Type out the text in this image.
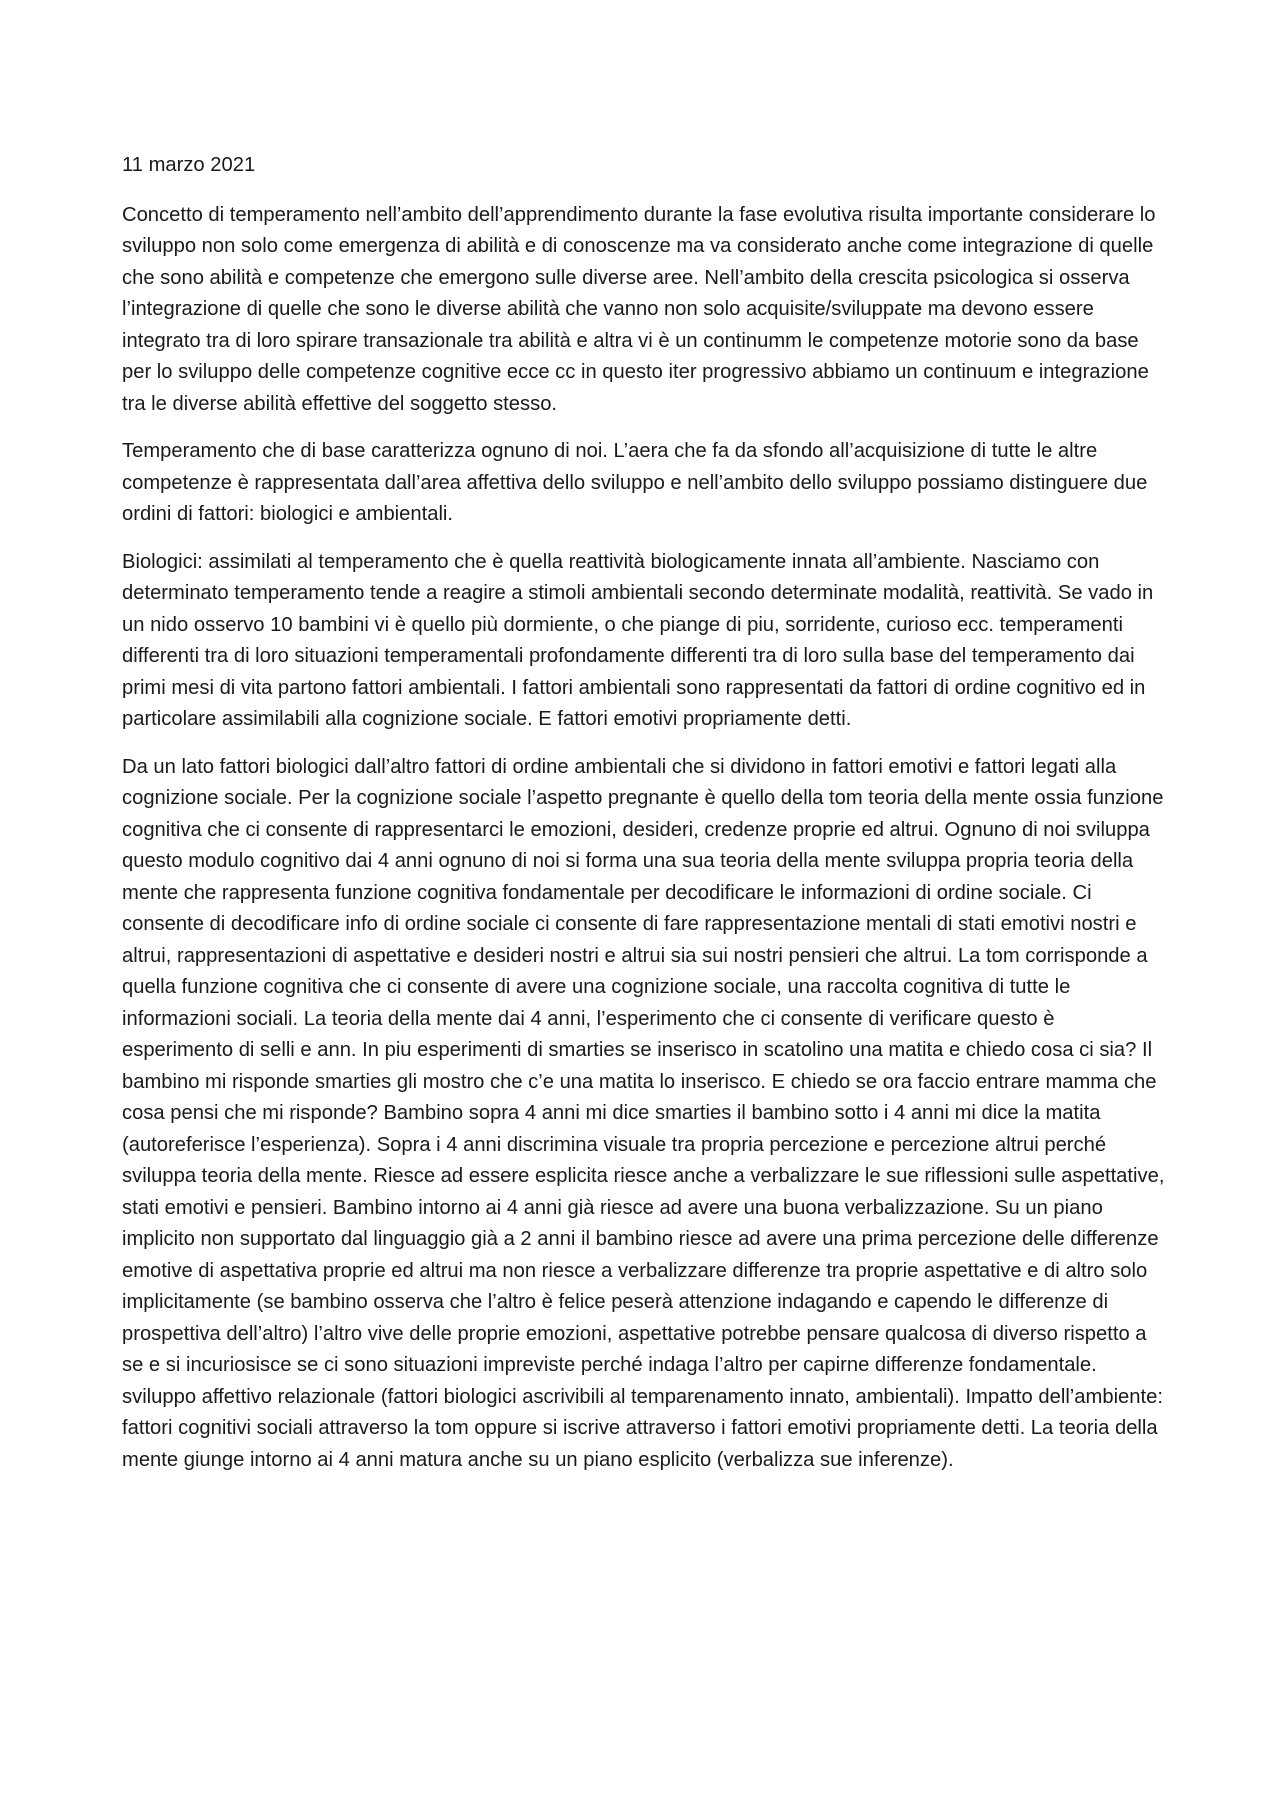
11 marzo 2021

Concetto di temperamento nell’ambito dell’apprendimento durante la fase evolutiva risulta importante considerare lo sviluppo non solo come emergenza di abilità e di conoscenze ma va considerato anche come integrazione di quelle che sono abilità e competenze che emergono sulle diverse aree. Nell’ambito della crescita psicologica si osserva l’integrazione di quelle che sono le diverse abilità che vanno non solo acquisite/sviluppate ma devono essere integrato tra di loro spirare transazionale tra abilità e altra vi è un continumm le competenze motorie sono da base per lo sviluppo delle competenze cognitive ecce cc in questo iter progressivo abbiamo un continuum e integrazione tra le diverse abilità effettive del soggetto stesso.

Temperamento che di base caratterizza ognuno di noi. L’aera che fa da sfondo all’acquisizione di tutte le altre competenze è rappresentata dall’area affettiva dello sviluppo e nell’ambito dello sviluppo possiamo distinguere due ordini di fattori: biologici e ambientali.

Biologici: assimilati al temperamento che è quella reattività biologicamente innata all’ambiente. Nasciamo con determinato temperamento tende a reagire a stimoli ambientali secondo determinate modalità, reattività. Se vado in un nido osservo 10 bambini vi è quello più dormiente, o che piange di piu, sorridente, curioso ecc. temperamenti differenti tra di loro situazioni temperamentali profondamente differenti tra di loro sulla base del temperamento dai primi mesi di vita partono fattori ambientali. I fattori ambientali sono rappresentati da fattori di ordine cognitivo ed in particolare assimilabili alla cognizione sociale. E fattori emotivi propriamente detti.

Da un lato fattori biologici dall’altro fattori di ordine ambientali che si dividono in fattori emotivi e fattori legati alla cognizione sociale. Per la cognizione sociale l’aspetto pregnante è quello della tom teoria della mente ossia funzione cognitiva che ci consente di rappresentarci le emozioni, desideri, credenze proprie ed altrui. Ognuno di noi sviluppa questo modulo cognitivo dai 4 anni ognuno di noi si forma una sua teoria della mente sviluppa propria teoria della mente che rappresenta funzione cognitiva fondamentale per decodificare le informazioni di ordine sociale. Ci consente di decodificare info di ordine sociale ci consente di fare rappresentazione mentali di stati emotivi nostri e altrui, rappresentazioni di aspettative e desideri nostri e altrui sia sui nostri pensieri che altrui. La tom corrisponde a quella funzione cognitiva che ci consente di avere una cognizione sociale, una raccolta cognitiva di tutte le informazioni sociali. La teoria della mente dai 4 anni, l’esperimento che ci consente di verificare questo è esperimento di selli e ann. In piu esperimenti di smarties se inserisco in scatolino una matita e chiedo cosa ci sia? Il bambino mi risponde smarties gli mostro che c’e una matita lo inserisco. E chiedo se ora faccio entrare mamma che cosa pensi che mi risponde? Bambino sopra 4 anni mi dice smarties il bambino sotto i 4 anni mi dice la matita (autoreferisce l’esperienza). Sopra i 4 anni discrimina visuale tra propria percezione e percezione altrui perché sviluppa teoria della mente. Riesce ad essere esplicita riesce anche a verbalizzare le sue riflessioni sulle aspettative, stati emotivi e pensieri. Bambino intorno ai 4 anni già riesce ad avere una buona verbalizzazione. Su un piano implicito non supportato dal linguaggio già a 2 anni il bambino riesce ad avere una prima percezione delle differenze emotive di aspettativa proprie ed altrui ma non riesce a verbalizzare differenze tra proprie aspettative e di altro solo implicitamente (se bambino osserva che l’altro è felice peserà attenzione indagando e capendo le differenze di prospettiva dell’altro) l’altro vive delle proprie emozioni, aspettative potrebbe pensare qualcosa di diverso rispetto a se e si incuriosisce se ci sono situazioni impreviste perché indaga l’altro per capirne differenze fondamentale. sviluppo affettivo relazionale (fattori biologici ascrivibili al temparenamento innato, ambientali). Impatto dell’ambiente: fattori cognitivi sociali attraverso la tom oppure si iscrive attraverso i fattori emotivi propriamente detti. La teoria della mente giunge intorno ai 4 anni matura anche su un piano esplicito (verbalizza sue inferenze).
